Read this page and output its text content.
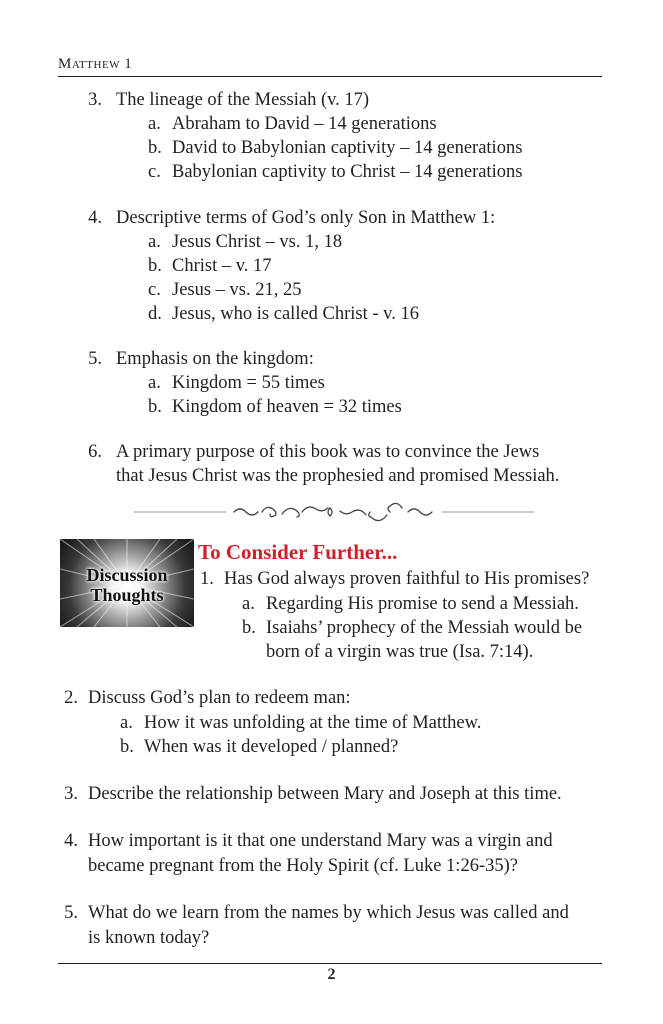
Matthew 1
3. The lineage of the Messiah (v. 17)
a. Abraham to David – 14 generations
b. David to Babylonian captivity – 14 generations
c. Babylonian captivity to Christ – 14 generations
4. Descriptive terms of God’s only Son in Matthew 1:
a. Jesus Christ – vs. 1, 18
b. Christ – v. 17
c. Jesus – vs. 21, 25
d. Jesus, who is called Christ - v. 16
5. Emphasis on the kingdom:
a. Kingdom = 55 times
b. Kingdom of heaven = 32 times
6. A primary purpose of this book was to convince the Jews
that Jesus Christ was the prophesied and promised Messiah.
Discussion
Thoughts
To Consider Further...
1. Has God always proven faithful to His promises?
a. Regarding His promise to send a Messiah.
b. Isaiahs’ prophecy of the Messiah would be
born of a virgin was true (Isa. 7:14).
2. Discuss God’s plan to redeem man:
a. How it was unfolding at the time of Matthew.
b. When was it developed / planned?
3. Describe the relationship between Mary and Joseph at this time.
4. How important is it that one understand Mary was a virgin and
became pregnant from the Holy Spirit (cf. Luke 1:26-35)?
5. What do we learn from the names by which Jesus was called and
is known today?
2
